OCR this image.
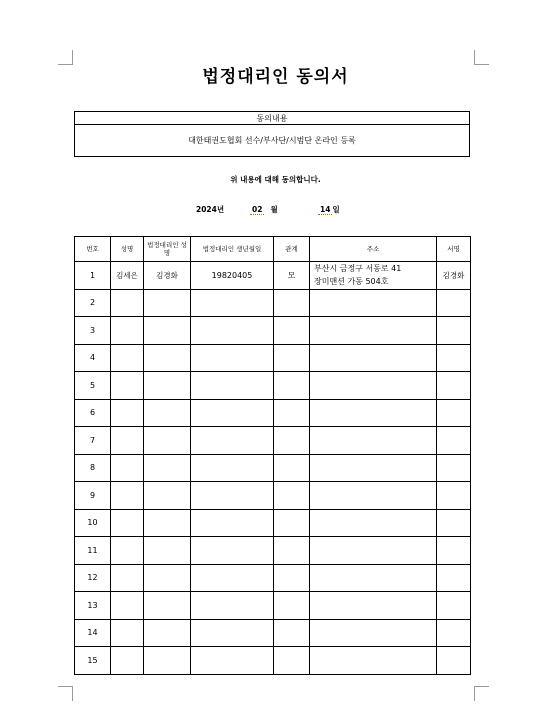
법정대리인 동의서
동의내용
대한태권도협회 선수/부사단/시범단 온라인 등록
위 내용에 대해 동의합니다.
2024년	02 월	14 일
번호	성명	법정대리인 성명	법정대리인 생년월일	관계	주소	서명
1	김세은	김경화	19820405	모	부산시 금정구 서동로 41
장미맨션 가동 504호	김경화
2					

3					

4					

5					

6					

7					

8					

9					

10					

11					

12					

13					

14					

15					
